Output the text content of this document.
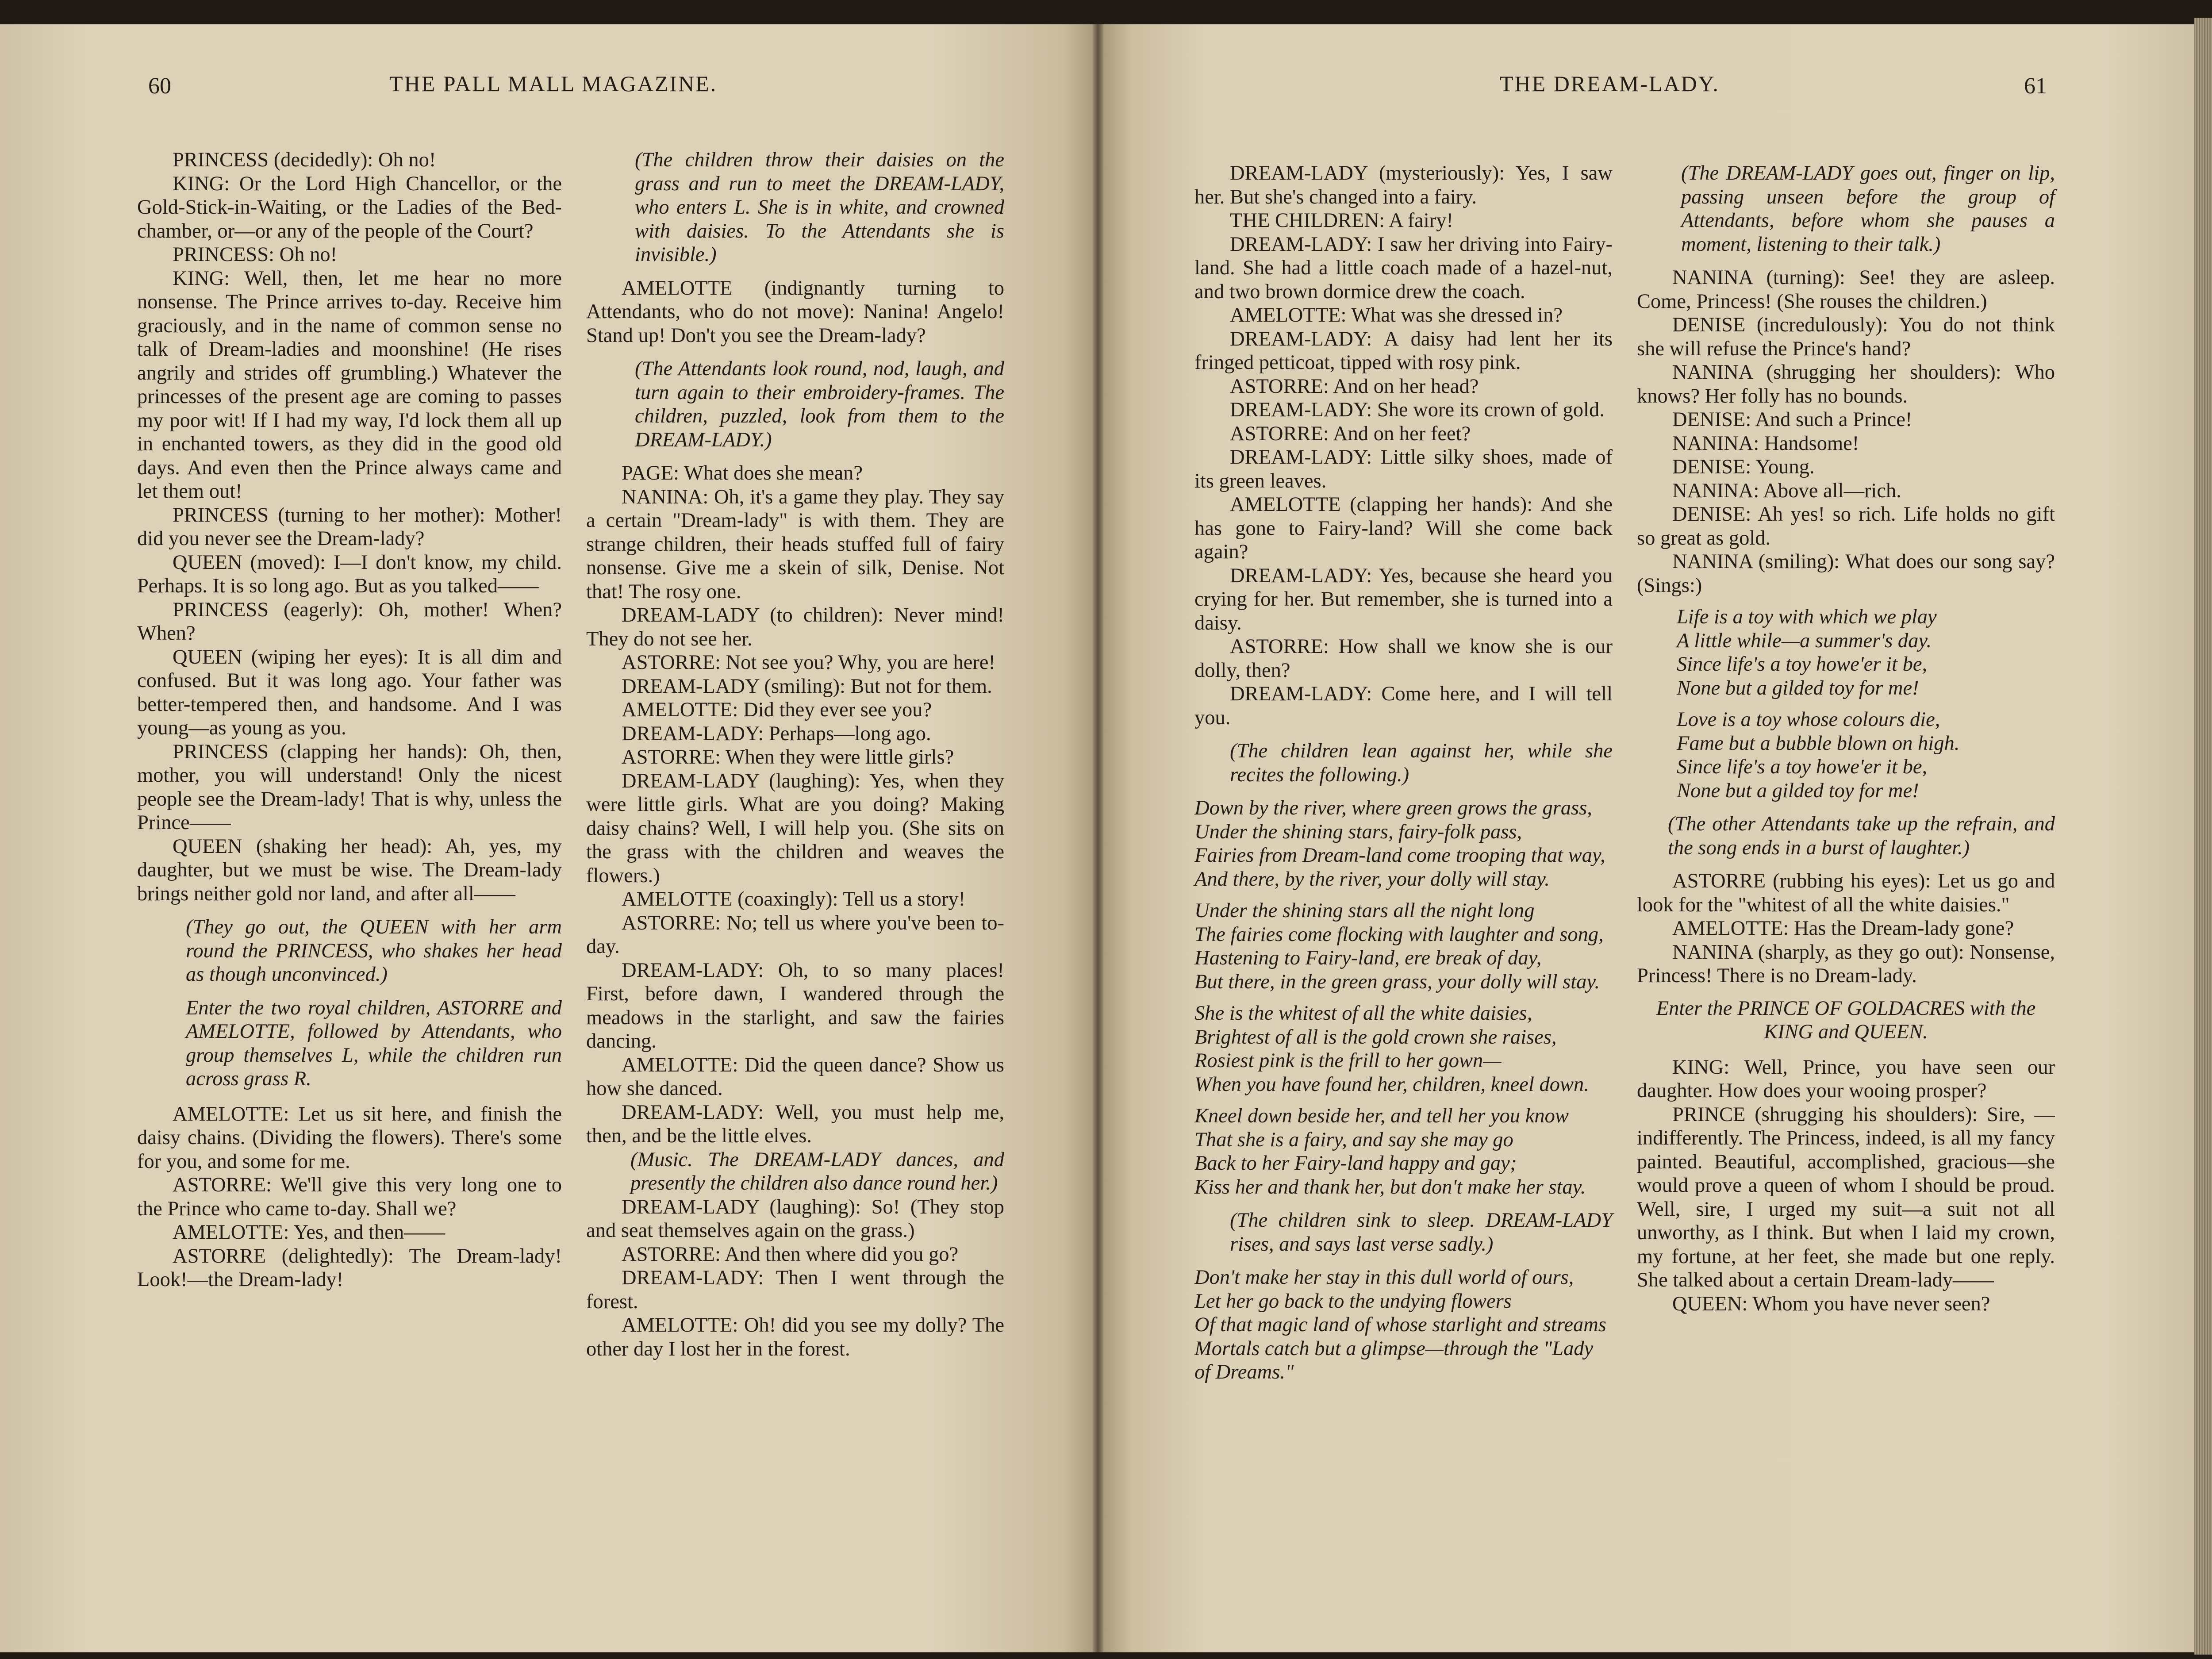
60	THE PALL MALL MAGAZINE.	THE DREAM-LADY.	61

PRINCESS (decidedly): Oh no!

KING: Or the Lord High Chancellor, or the Gold-Stick-in-Waiting, or the Ladies of the Bed-chamber, or—or any of the people of the Court?

PRINCESS: Oh no!

KING: Well, then, let me hear no more nonsense. The Prince arrives to-day. Receive him graciously, and in the name of common sense no talk of Dream-ladies and moonshine! (He rises angrily and strides off grumbling.) Whatever the princesses of the present age are coming to passes my poor wit! If I had my way, I'd lock them all up in enchanted towers, as they did in the good old days. And even then the Prince always came and let them out!

PRINCESS (turning to her mother): Mother! did you never see the Dream-lady?

QUEEN (moved): I—I don't know, my child. Perhaps. It is so long ago. But as you talked——

PRINCESS (eagerly): Oh, mother! When? When?

QUEEN (wiping her eyes): It is all dim and confused. But it was long ago. Your father was better-tempered then, and handsome. And I was young—as young as you.

PRINCESS (clapping her hands): Oh, then, mother, you will understand! Only the nicest people see the Dream-lady! That is why, unless the Prince——

QUEEN (shaking her head): Ah, yes, my daughter, but we must be wise. The Dream-lady brings neither gold nor land, and after all——

(They go out, the QUEEN with her arm round the PRINCESS, who shakes her head as though unconvinced.)

Enter the two royal children, ASTORRE and AMELOTTE, followed by Attendants, who group themselves L, while the children run across grass R.

AMELOTTE: Let us sit here, and finish the daisy chains. (Dividing the flowers). There's some for you, and some for me.

ASTORRE: We'll give this very long one to the Prince who came to-day. Shall we?

AMELOTTE: Yes, and then——

ASTORRE (delightedly): The Dream-lady! Look!—the Dream-lady!

(The children throw their daisies on the grass and run to meet the DREAM-LADY, who enters L. She is in white, and crowned with daisies. To the Attendants she is invisible.)

AMELOTTE (indignantly turning to Attendants, who do not move): Nanina! Angelo! Stand up! Don't you see the Dream-lady?

(The Attendants look round, nod, laugh, and turn again to their embroidery-frames. The children, puzzled, look from them to the DREAM-LADY.)

PAGE: What does she mean?

NANINA: Oh, it's a game they play. They say a certain "Dream-lady" is with them. They are strange children, their heads stuffed full of fairy nonsense. Give me a skein of silk, Denise. Not that! The rosy one.

DREAM-LADY (to children): Never mind! They do not see her.

ASTORRE: Not see you? Why, you are here!

DREAM-LADY (smiling): But not for them.

AMELOTTE: Did they ever see you?

DREAM-LADY: Perhaps—long ago.

ASTORRE: When they were little girls?

DREAM-LADY (laughing): Yes, when they were little girls. What are you doing? Making daisy chains? Well, I will help you. (She sits on the grass with the children and weaves the flowers.)

AMELOTTE (coaxingly): Tell us a story!

ASTORRE: No; tell us where you've been to-day.

DREAM-LADY: Oh, to so many places! First, before dawn, I wandered through the meadows in the starlight, and saw the fairies dancing.

AMELOTTE: Did the queen dance? Show us how she danced.

DREAM-LADY: Well, you must help me, then, and be the little elves.

(Music. The DREAM-LADY dances, and presently the children also dance round her.)

DREAM-LADY (laughing): So! (They stop and seat themselves again on the grass.)

ASTORRE: And then where did you go?

DREAM-LADY: Then I went through the forest.

AMELOTTE: Oh! did you see my dolly? The other day I lost her in the forest.

DREAM-LADY (mysteriously): Yes, I saw her. But she's changed into a fairy.

THE CHILDREN: A fairy!

DREAM-LADY: I saw her driving into Fairy-land. She had a little coach made of a hazel-nut, and two brown dormice drew the coach.

AMELOTTE: What was she dressed in?

DREAM-LADY: A daisy had lent her its fringed petticoat, tipped with rosy pink.

ASTORRE: And on her head?

DREAM-LADY: She wore its crown of gold.

ASTORRE: And on her feet?

DREAM-LADY: Little silky shoes, made of its green leaves.

AMELOTTE (clapping her hands): And she has gone to Fairy-land? Will she come back again?

DREAM-LADY: Yes, because she heard you crying for her. But remember, she is turned into a daisy.

ASTORRE: How shall we know she is our dolly, then?

DREAM-LADY: Come here, and I will tell you.

(The children lean against her, while she recites the following.)

Down by the river, where green grows the grass,

Under the shining stars, fairy-folk pass,

Fairies from Dream-land come trooping that way,

And there, by the river, your dolly will stay.

Under the shining stars all the night long

The fairies come flocking with laughter and song,

Hastening to Fairy-land, ere break of day,

But there, in the green grass, your dolly will stay.

She is the whitest of all the white daisies,

Brightest of all is the gold crown she raises,

Rosiest pink is the frill to her gown—

When you have found her, children, kneel down.

Kneel down beside her, and tell her you know

That she is a fairy, and say she may go

Back to her Fairy-land happy and gay;

Kiss her and thank her, but don't make her stay.

(The children sink to sleep. DREAM-LADY rises, and says last verse sadly.)

Don't make her stay in this dull world of ours,

Let her go back to the undying flowers

Of that magic land of whose starlight and streams

Mortals catch but a glimpse—through the "Lady of Dreams."

(The DREAM-LADY goes out, finger on lip, passing unseen before the group of Attendants, before whom she pauses a moment, listening to their talk.)

NANINA (turning): See! they are asleep. Come, Princess! (She rouses the children.)

DENISE (incredulously): You do not think she will refuse the Prince's hand?

NANINA (shrugging her shoulders): Who knows? Her folly has no bounds.

DENISE: And such a Prince!

NANINA: Handsome!

DENISE: Young.

NANINA: Above all—rich.

DENISE: Ah yes! so rich. Life holds no gift so great as gold.

NANINA (smiling): What does our song say? (Sings:)

Life is a toy with which we play

A little while—a summer's day.

Since life's a toy howe'er it be,

None but a gilded toy for me!

Love is a toy whose colours die,

Fame but a bubble blown on high.

Since life's a toy howe'er it be,

None but a gilded toy for me!

(The other Attendants take up the refrain, and the song ends in a burst of laughter.)

ASTORRE (rubbing his eyes): Let us go and look for the "whitest of all the white daisies."

AMELOTTE: Has the Dream-lady gone?

NANINA (sharply, as they go out): Nonsense, Princess! There is no Dream-lady.

Enter the PRINCE OF GOLDACRES with the KING and QUEEN.

KING: Well, Prince, you have seen our daughter. How does your wooing prosper?

PRINCE (shrugging his shoulders): Sire, —indifferently. The Princess, indeed, is all my fancy painted. Beautiful, accomplished, gracious—she would prove a queen of whom I should be proud. Well, sire, I urged my suit—a suit not all unworthy, as I think. But when I laid my crown, my fortune, at her feet, she made but one reply. She talked about a certain Dream-lady——

QUEEN: Whom you have never seen?
